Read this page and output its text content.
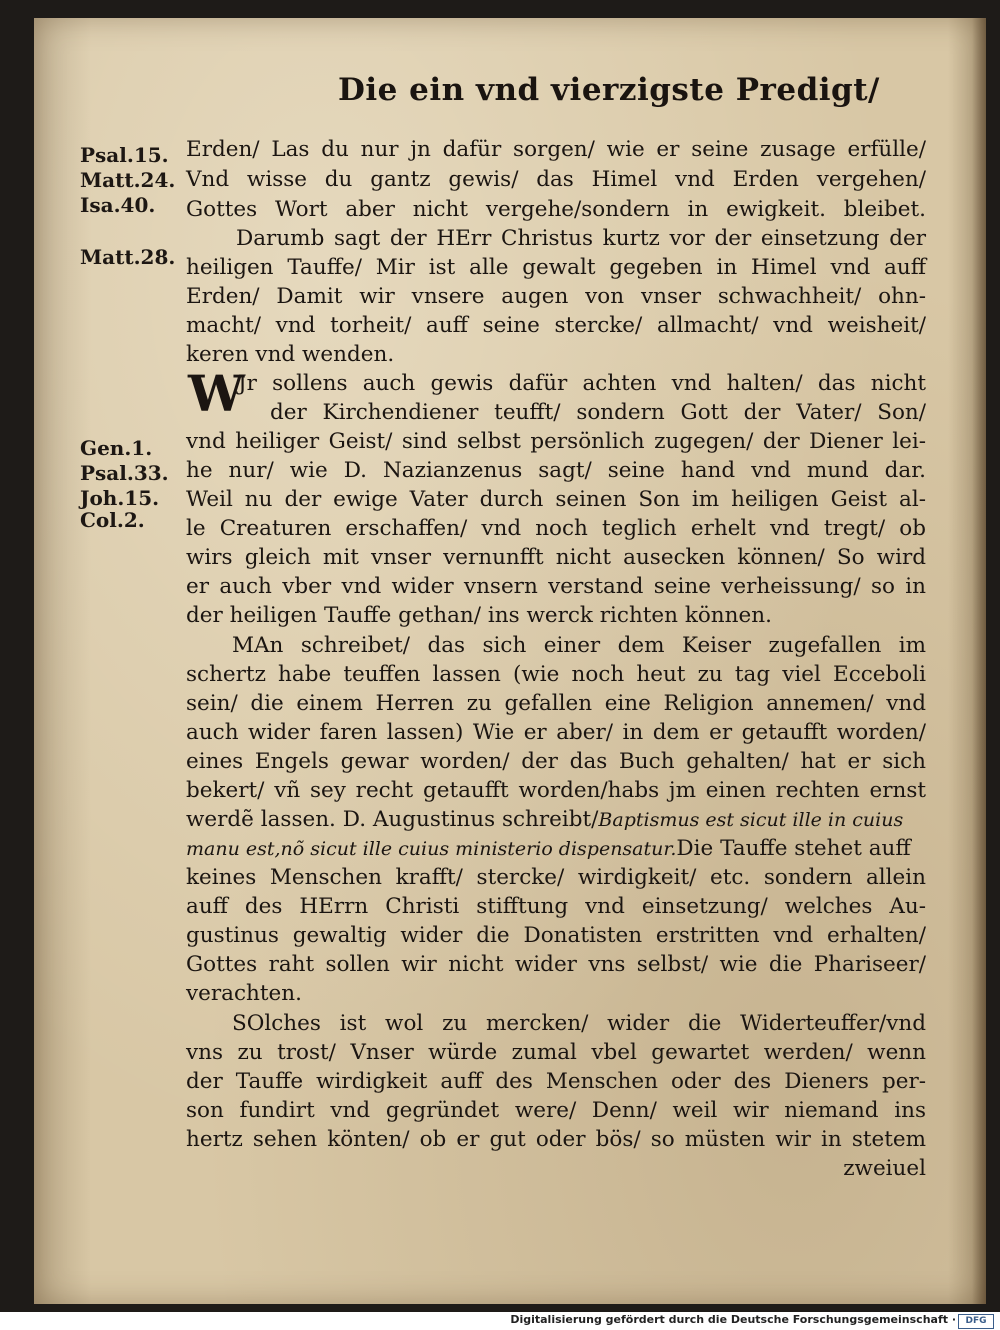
Die ein vnd vierzigste Predigt/
Psal.15.
Matt.24.
Isa.40.
Matt.28.
Gen.1.
Psal.33.
Joh.15.
Col.2.
W
Erden/ Las du nur jn dafür sorgen/ wie er seine zusage erfülle/
Vnd wisse du gantz gewis/ das Himel vnd Erden vergehen/
Gottes Wort aber nicht vergehe/sondern in ewigkeit. bleibet.
Darumb sagt der HErr Christus kurtz vor der einsetzung der
heiligen Tauffe/ Mir ist alle gewalt gegeben in Himel vnd auff
Erden/ Damit wir vnsere augen von vnser schwachheit/ ohn-
macht/ vnd torheit/ auff seine stercke/ allmacht/ vnd weisheit/
keren vnd wenden.
Jr sollens auch gewis dafür achten vnd halten/ das nicht
der Kirchendiener teufft/ sondern Gott der Vater/ Son/
vnd heiliger Geist/ sind selbst persönlich zugegen/ der Diener lei-
he nur/ wie D. Nazianzenus sagt/ seine hand vnd mund dar.
Weil nu der ewige Vater durch seinen Son im heiligen Geist al-
le Creaturen erschaffen/ vnd noch teglich erhelt vnd tregt/ ob
wirs gleich mit vnser vernunfft nicht ausecken können/ So wird
er auch vber vnd wider vnsern verstand seine verheissung/ so in
der heiligen Tauffe gethan/ ins werck richten können.
MAn schreibet/ das sich einer dem Keiser zugefallen im
schertz habe teuffen lassen (wie noch heut zu tag viel Ecceboli
sein/ die einem Herren zu gefallen eine Religion annemen/ vnd
auch wider faren lassen) Wie er aber/ in dem er getaufft worden/
eines Engels gewar worden/ der das Buch gehalten/ hat er sich
bekert/ vñ sey recht getaufft worden/habs jm einen rechten ernst
werdẽ lassen. D. Augustinus schreibt/Baptismus est sicut ille in cuius
manu est,nõ sicut ille cuius ministerio dispensatur.Die Tauffe stehet auff
keines Menschen krafft/ stercke/ wirdigkeit/ etc. sondern allein
auff des HErrn Christi stifftung vnd einsetzung/ welches Au-
gustinus gewaltig wider die Donatisten erstritten vnd erhalten/
Gottes raht sollen wir nicht wider vns selbst/ wie die Phariseer/
verachten.
SOlches ist wol zu mercken/ wider die Widerteuffer/vnd
vns zu trost/ Vnser würde zumal vbel gewartet werden/ wenn
der Tauffe wirdigkeit auff des Menschen oder des Dieners per-
son fundirt vnd gegründet were/ Denn/ weil wir niemand ins
hertz sehen könten/ ob er gut oder bös/ so müsten wir in stetem
zweiuel
Digitalisierung gefördert durch die Deutsche Forschungsgemeinschaft ·	DFG
